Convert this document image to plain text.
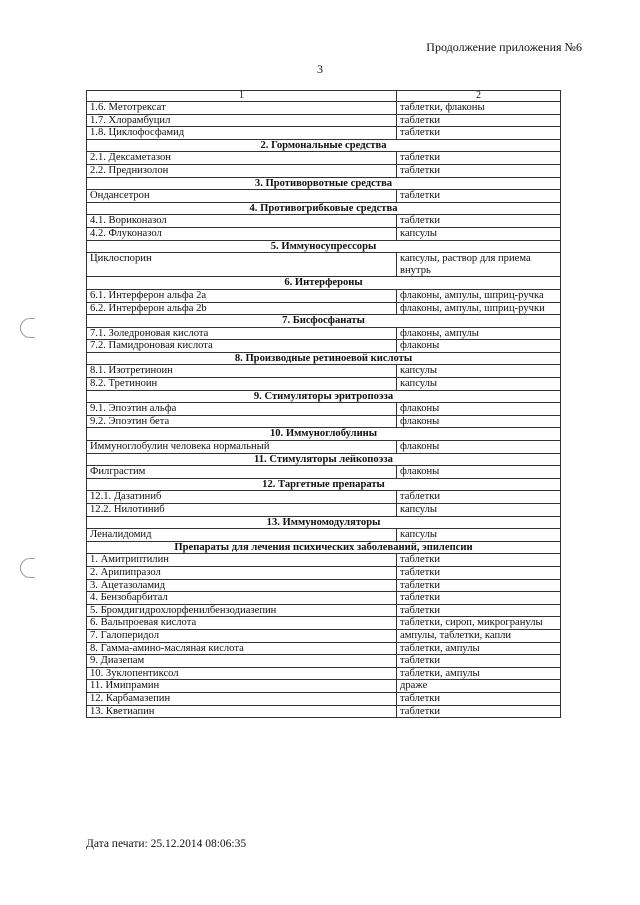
Продолжение приложения №6
3
1	2
1.6. Метотрексат	таблетки, флаконы
1.7. Хлорамбуцил	таблетки
1.8. Циклофосфамид	таблетки
2. Гормональные средства	
2.1. Дексаметазон	таблетки
2.2. Преднизолон	таблетки
3. Противорвотные средства	
Ондансетрон	таблетки
4. Противогрибковые средства	
4.1. Вориконазол	таблетки
4.2. Флуконазол	капсулы
5. Иммуносупрессоры	
Циклоспорин	капсулы, раствор для приема внутрь
6. Интерфероны	
6.1. Интерферон альфа 2а	флаконы, ампулы, шприц-ручка
6.2. Интерферон альфа 2b	флаконы, ампулы, шприц-ручки
7. Бисфосфанаты	
7.1. Золедроновая кислота	флаконы, ампулы
7.2. Памидроновая кислота	флаконы
8. Производные ретиноевой кислоты	
8.1. Изотретиноин	капсулы
8.2. Третиноин	капсулы
9. Стимуляторы эритропоэза	
9.1. Эпоэтин альфа	флаконы
9.2. Эпоэтин бета	флаконы
10. Иммуноглобулины	
Иммуноглобулин человека нормальный	флаконы
11. Стимуляторы лейкопоэза	
Филграстим	флаконы
12. Таргетные препараты	
12.1. Дазатиниб	таблетки
12.2. Нилотиниб	капсулы
13. Иммуномодуляторы	
Леналидомид	капсулы
Препараты для лечения психических заболеваний, эпилепсии	
1. Амитриптилин	таблетки
2. Арипипразол	таблетки
3. Ацетазоламид	таблетки
4. Бензобарбитал	таблетки
5. Бромдигидрохлорфенилбензодиазепин	таблетки
6. Вальпроевая кислота	таблетки, сироп, микрогранулы
7. Галоперидол	ампулы, таблетки, капли
8. Гамма-амино-масляная кислота	таблетки, ампулы
9. Диазепам	таблетки
10. Зуклопентиксол	таблетки, ампулы
11. Имипрамин	драже
12. Карбамазепин	таблетки
13. Кветиапин	таблетки
Дата печати: 25.12.2014 08:06:35
